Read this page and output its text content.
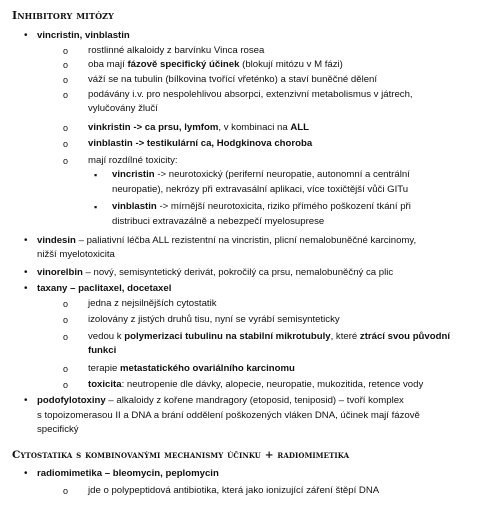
Inhibitory mitózy
• vincristin, vinblastin
o	rostlinné alkaloidy z barvínku Vinca rosea
o	oba mají fázově specifický účinek (blokují mitózu v M fázi)
o	váží se na tubulin (bílkovina tvořící vřeténko) a staví buněčné dělení
o	podávány i.v. pro nespolehlivou absorpci, extenzivní metabolismus v játrech,
vylučovány žlučí
o	vinkristin -> ca prsu, lymfom, v kombinaci na ALL
o	vinblastin -> testikulární ca, Hodgkinova choroba
o	mají rozdílné toxicity:
▪	vincristin -> neurotoxický (periferní neuropatie, autonomní a centrální
neuropatie), nekrózy při extravasální aplikaci, více toxičtější vůči GITu
▪	vinblastin -> mírnější neurotoxicita, riziko přímého poškození tkání při
distribuci extravazálně a nebezpečí myelosuprese
• vindesin – paliativní léčba ALL rezistentní na vincristin, plicní nemalobuněčné karcinomy,
nižší myelotoxicita
• vinorelbin – nový, semisyntetický derivát, pokročilý ca prsu, nemalobuněčný ca plic
• taxany – paclitaxel, docetaxel
o	jedna z nejsilnějších cytostatik
o	izolovány z jistých druhů tisu, nyní se vyrábí semisynteticky
o	vedou k polymerizaci tubulinu na stabilní mikrotubuly, které ztrácí svou původní
funkci
o	terapie metastatického ovariálního karcinomu
o	toxicita: neutropenie dle dávky, alopecie, neuropatie, mukozitida, retence vody
• podofylotoxiny – alkaloidy z kořene mandragory (etoposid, teniposid) – tvoří komplex
s topoizomerasou II a DNA a brání oddělení poškozených vláken DNA, účinek mají fázově
specifický
Cytostatika s kombinovanými mechanismy účinku + radiomimetika
• radiomimetika – bleomycin, peplomycin
o	jde o polypeptidová antibiotika, která jako ionizující záření štěpí DNA
